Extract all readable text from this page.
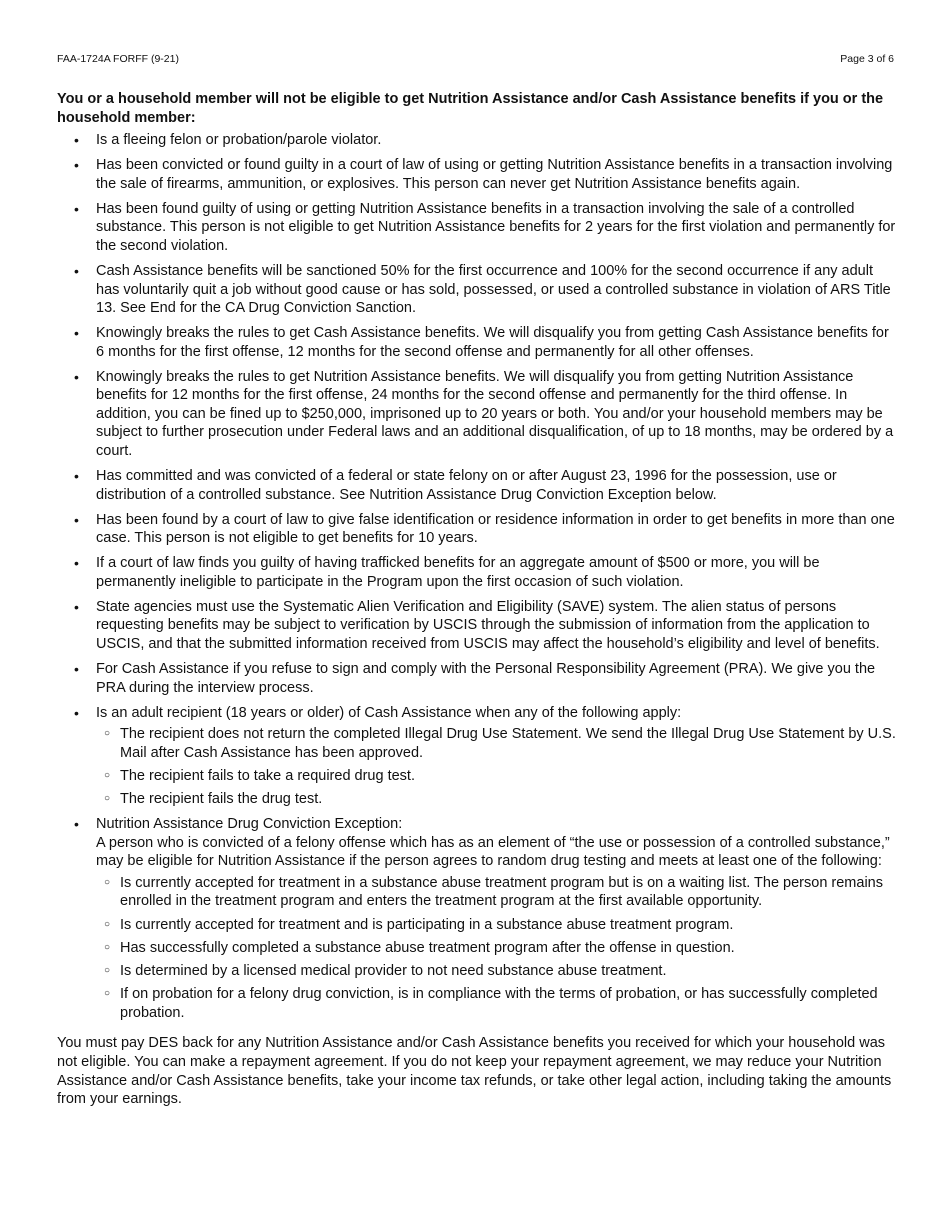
FAA-1724A FORFF (9-21)	Page 3 of 6

You or a household member will not be eligible to get Nutrition Assistance and/or Cash Assistance benefits if you or the household member:

• Is a fleeing felon or probation/parole violator.
• Has been convicted or found guilty in a court of law of using or getting Nutrition Assistance benefits in a transaction involving the sale of firearms, ammunition, or explosives. This person can never get Nutrition Assistance benefits again.
• Has been found guilty of using or getting Nutrition Assistance benefits in a transaction involving the sale of a controlled substance. This person is not eligible to get Nutrition Assistance benefits for 2 years for the first violation and permanently for the second violation.
• Cash Assistance benefits will be sanctioned 50% for the first occurrence and 100% for the second occurrence if any adult has voluntarily quit a job without good cause or has sold, possessed, or used a controlled substance in violation of ARS Title 13. See End for the CA Drug Conviction Sanction.
• Knowingly breaks the rules to get Cash Assistance benefits. We will disqualify you from getting Cash Assistance benefits for 6 months for the first offense, 12 months for the second offense and permanently for all other offenses.
• Knowingly breaks the rules to get Nutrition Assistance benefits. We will disqualify you from getting Nutrition Assistance benefits for 12 months for the first offense, 24 months for the second offense and permanently for the third offense. In addition, you can be fined up to $250,000, imprisoned up to 20 years or both. You and/or your household members may be subject to further prosecution under Federal laws and an additional disqualification, of up to 18 months, may be ordered by a court.
• Has committed and was convicted of a federal or state felony on or after August 23, 1996 for the possession, use or distribution of a controlled substance. See Nutrition Assistance Drug Conviction Exception below.
• Has been found by a court of law to give false identification or residence information in order to get benefits in more than one case. This person is not eligible to get benefits for 10 years.
• If a court of law finds you guilty of having trafficked benefits for an aggregate amount of $500 or more, you will be permanently ineligible to participate in the Program upon the first occasion of such violation.
• State agencies must use the Systematic Alien Verification and Eligibility (SAVE) system. The alien status of persons requesting benefits may be subject to verification by USCIS through the submission of information from the application to USCIS, and that the submitted information received from USCIS may affect the household’s eligibility and level of benefits.
• For Cash Assistance if you refuse to sign and comply with the Personal Responsibility Agreement (PRA). We give you the PRA during the interview process.
• Is an adult recipient (18 years or older) of Cash Assistance when any of the following apply:
○ The recipient does not return the completed Illegal Drug Use Statement. We send the Illegal Drug Use Statement by U.S. Mail after Cash Assistance has been approved.
○ The recipient fails to take a required drug test.
○ The recipient fails the drug test.
• Nutrition Assistance Drug Conviction Exception:
A person who is convicted of a felony offense which has as an element of “the use or possession of a controlled substance,” may be eligible for Nutrition Assistance if the person agrees to random drug testing and meets at least one of the following:
○ Is currently accepted for treatment in a substance abuse treatment program but is on a waiting list. The person remains enrolled in the treatment program and enters the treatment program at the first available opportunity.
○ Is currently accepted for treatment and is participating in a substance abuse treatment program.
○ Has successfully completed a substance abuse treatment program after the offense in question.
○ Is determined by a licensed medical provider to not need substance abuse treatment.
○ If on probation for a felony drug conviction, is in compliance with the terms of probation, or has successfully completed probation.

You must pay DES back for any Nutrition Assistance and/or Cash Assistance benefits you received for which your household was not eligible. You can make a repayment agreement. If you do not keep your repayment agreement, we may reduce your Nutrition Assistance and/or Cash Assistance benefits, take your income tax refunds, or take other legal action, including taking the amounts from your earnings.
